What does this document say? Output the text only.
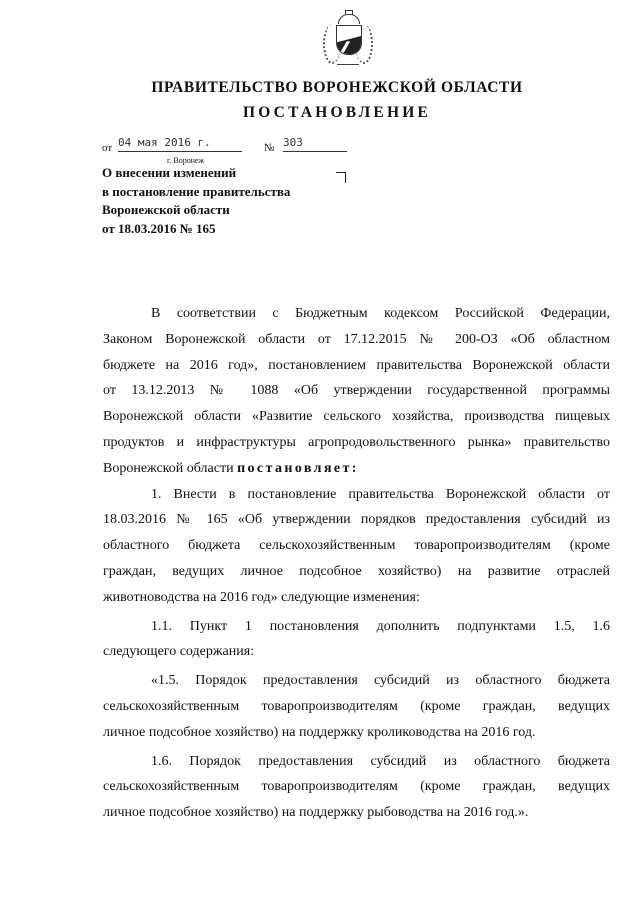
ПРАВИТЕЛЬСТВО ВОРОНЕЖСКОЙ ОБЛАСТИ
ПОСТАНОВЛЕНИЕ
от 04 мая 2016 г.	№ 303
г. Воронеж
О внесении изменений
в постановление правительства
Воронежской области
от 18.03.2016 № 165

В соответствии с Бюджетным кодексом Российской Федерации,

Законом Воронежской области от 17.12.2015 № 200-ОЗ «Об областном

бюджете на 2016 год», постановлением правительства Воронежской области

от 13.12.2013 № 1088 «Об утверждении государственной программы

Воронежской области «Развитие сельского хозяйства, производства пищевых

продуктов и инфраструктуры агропродовольственного рынка» правительство

Воронежской области постановляет:

1. Внести в постановление правительства Воронежской области от

18.03.2016 № 165 «Об утверждении порядков предоставления субсидий из

областного бюджета сельскохозяйственным товаропроизводителям (кроме

граждан, ведущих личное подсобное хозяйство) на развитие отраслей

животноводства на 2016 год» следующие изменения:

1.1. Пункт 1 постановления дополнить подпунктами 1.5, 1.6

следующего содержания:

«1.5. Порядок предоставления субсидий из областного бюджета

сельскохозяйственным товаропроизводителям (кроме граждан, ведущих

личное подсобное хозяйство) на поддержку кролиководства на 2016 год.

1.6. Порядок предоставления субсидий из областного бюджета

сельскохозяйственным товаропроизводителям (кроме граждан, ведущих

личное подсобное хозяйство) на поддержку рыбоводства на 2016 год.».
